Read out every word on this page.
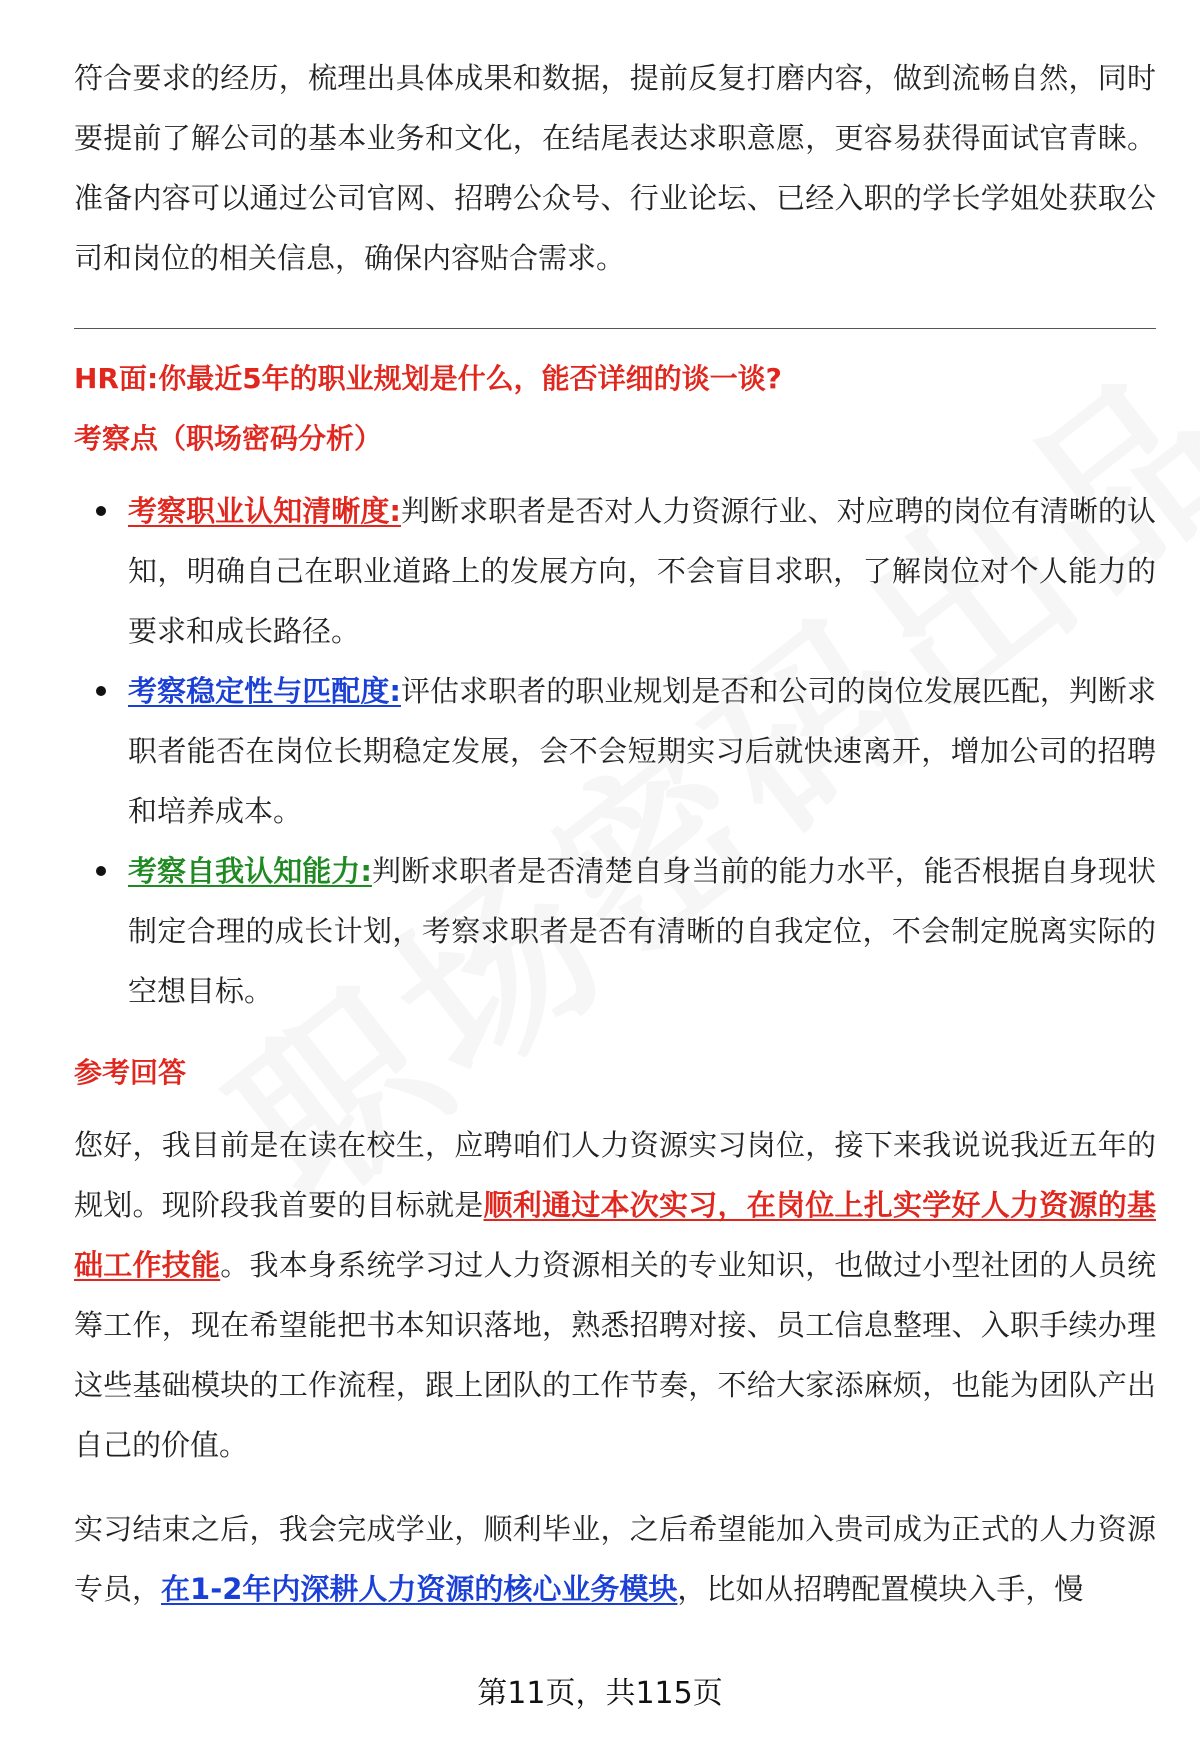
符合要求的经历，梳理出具体成果和数据，提前反复打磨内容，做到流畅自然，同时要提前了解公司的基本业务和文化，在结尾表达求职意愿，更容易获得面试官青睐。准备内容可以通过公司官网、招聘公众号、行业论坛、已经入职的学长学姐处获取公司和岗位的相关信息，确保内容贴合需求。

HR面:你最近5年的职业规划是什么，能否详细的谈一谈?

考察点（职场密码分析）

考察职业认知清晰度:判断求职者是否对人力资源行业、对应聘的岗位有清晰的认知，明确自己在职业道路上的发展方向，不会盲目求职，了解岗位对个人能力的要求和成长路径。
考察稳定性与匹配度:评估求职者的职业规划是否和公司的岗位发展匹配，判断求职者能否在岗位长期稳定发展，会不会短期实习后就快速离开，增加公司的招聘和培养成本。
考察自我认知能力:判断求职者是否清楚自身当前的能力水平，能否根据自身现状制定合理的成长计划，考察求职者是否有清晰的自我定位，不会制定脱离实际的空想目标。

参考回答

您好，我目前是在读在校生，应聘咱们人力资源实习岗位，接下来我说说我近五年的规划。现阶段我首要的目标就是顺利通过本次实习，在岗位上扎实学好人力资源的基础工作技能。我本身系统学习过人力资源相关的专业知识，也做过小型社团的人员统筹工作，现在希望能把书本知识落地，熟悉招聘对接、员工信息整理、入职手续办理这些基础模块的工作流程，跟上团队的工作节奏，不给大家添麻烦，也能为团队产出自己的价值。

实习结束之后，我会完成学业，顺利毕业，之后希望能加入贵司成为正式的人力资源专员，在1-2年内深耕人力资源的核心业务模块，比如从招聘配置模块入手，慢

第11页，共115页
